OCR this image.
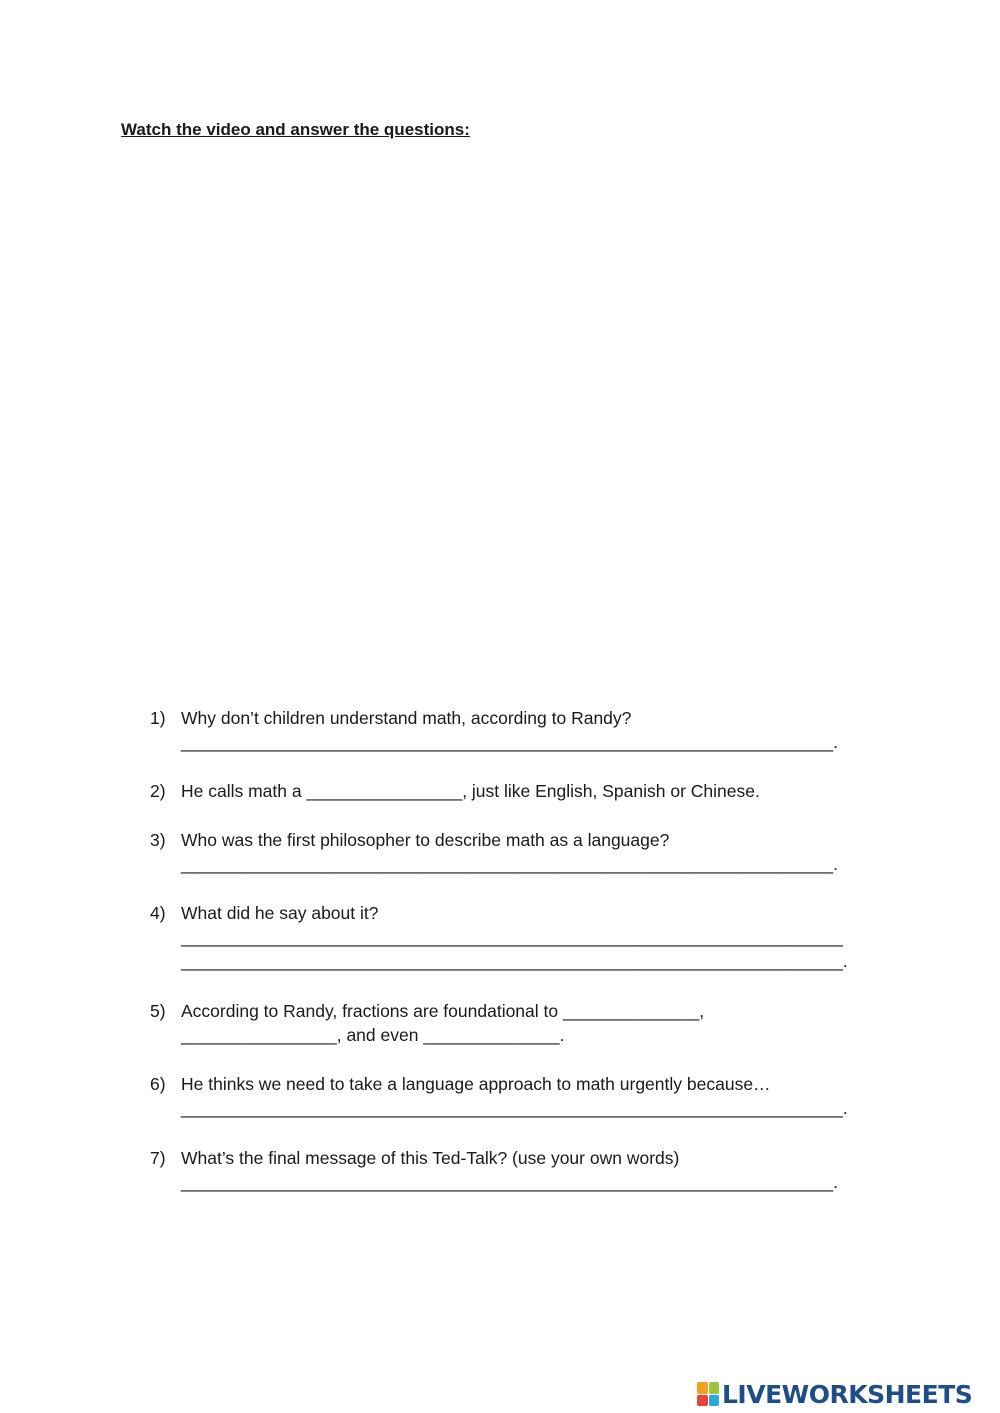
Watch the video and answer the questions:
1) Why don’t children understand math, according to Randy?
___________________________________________________________________.
2) He calls math a ________________, just like English, Spanish or Chinese.
3) Who was the first philosopher to describe math as a language?
___________________________________________________________________.
4) What did he say about it?
____________________________________________________________________
____________________________________________________________________.
5) According to Randy, fractions are foundational to ______________,
________________, and even ______________.
6) He thinks we need to take a language approach to math urgently because…
____________________________________________________________________.
7) What’s the final message of this Ted-Talk? (use your own words)
___________________________________________________________________.
LIVEWORKSHEETS
